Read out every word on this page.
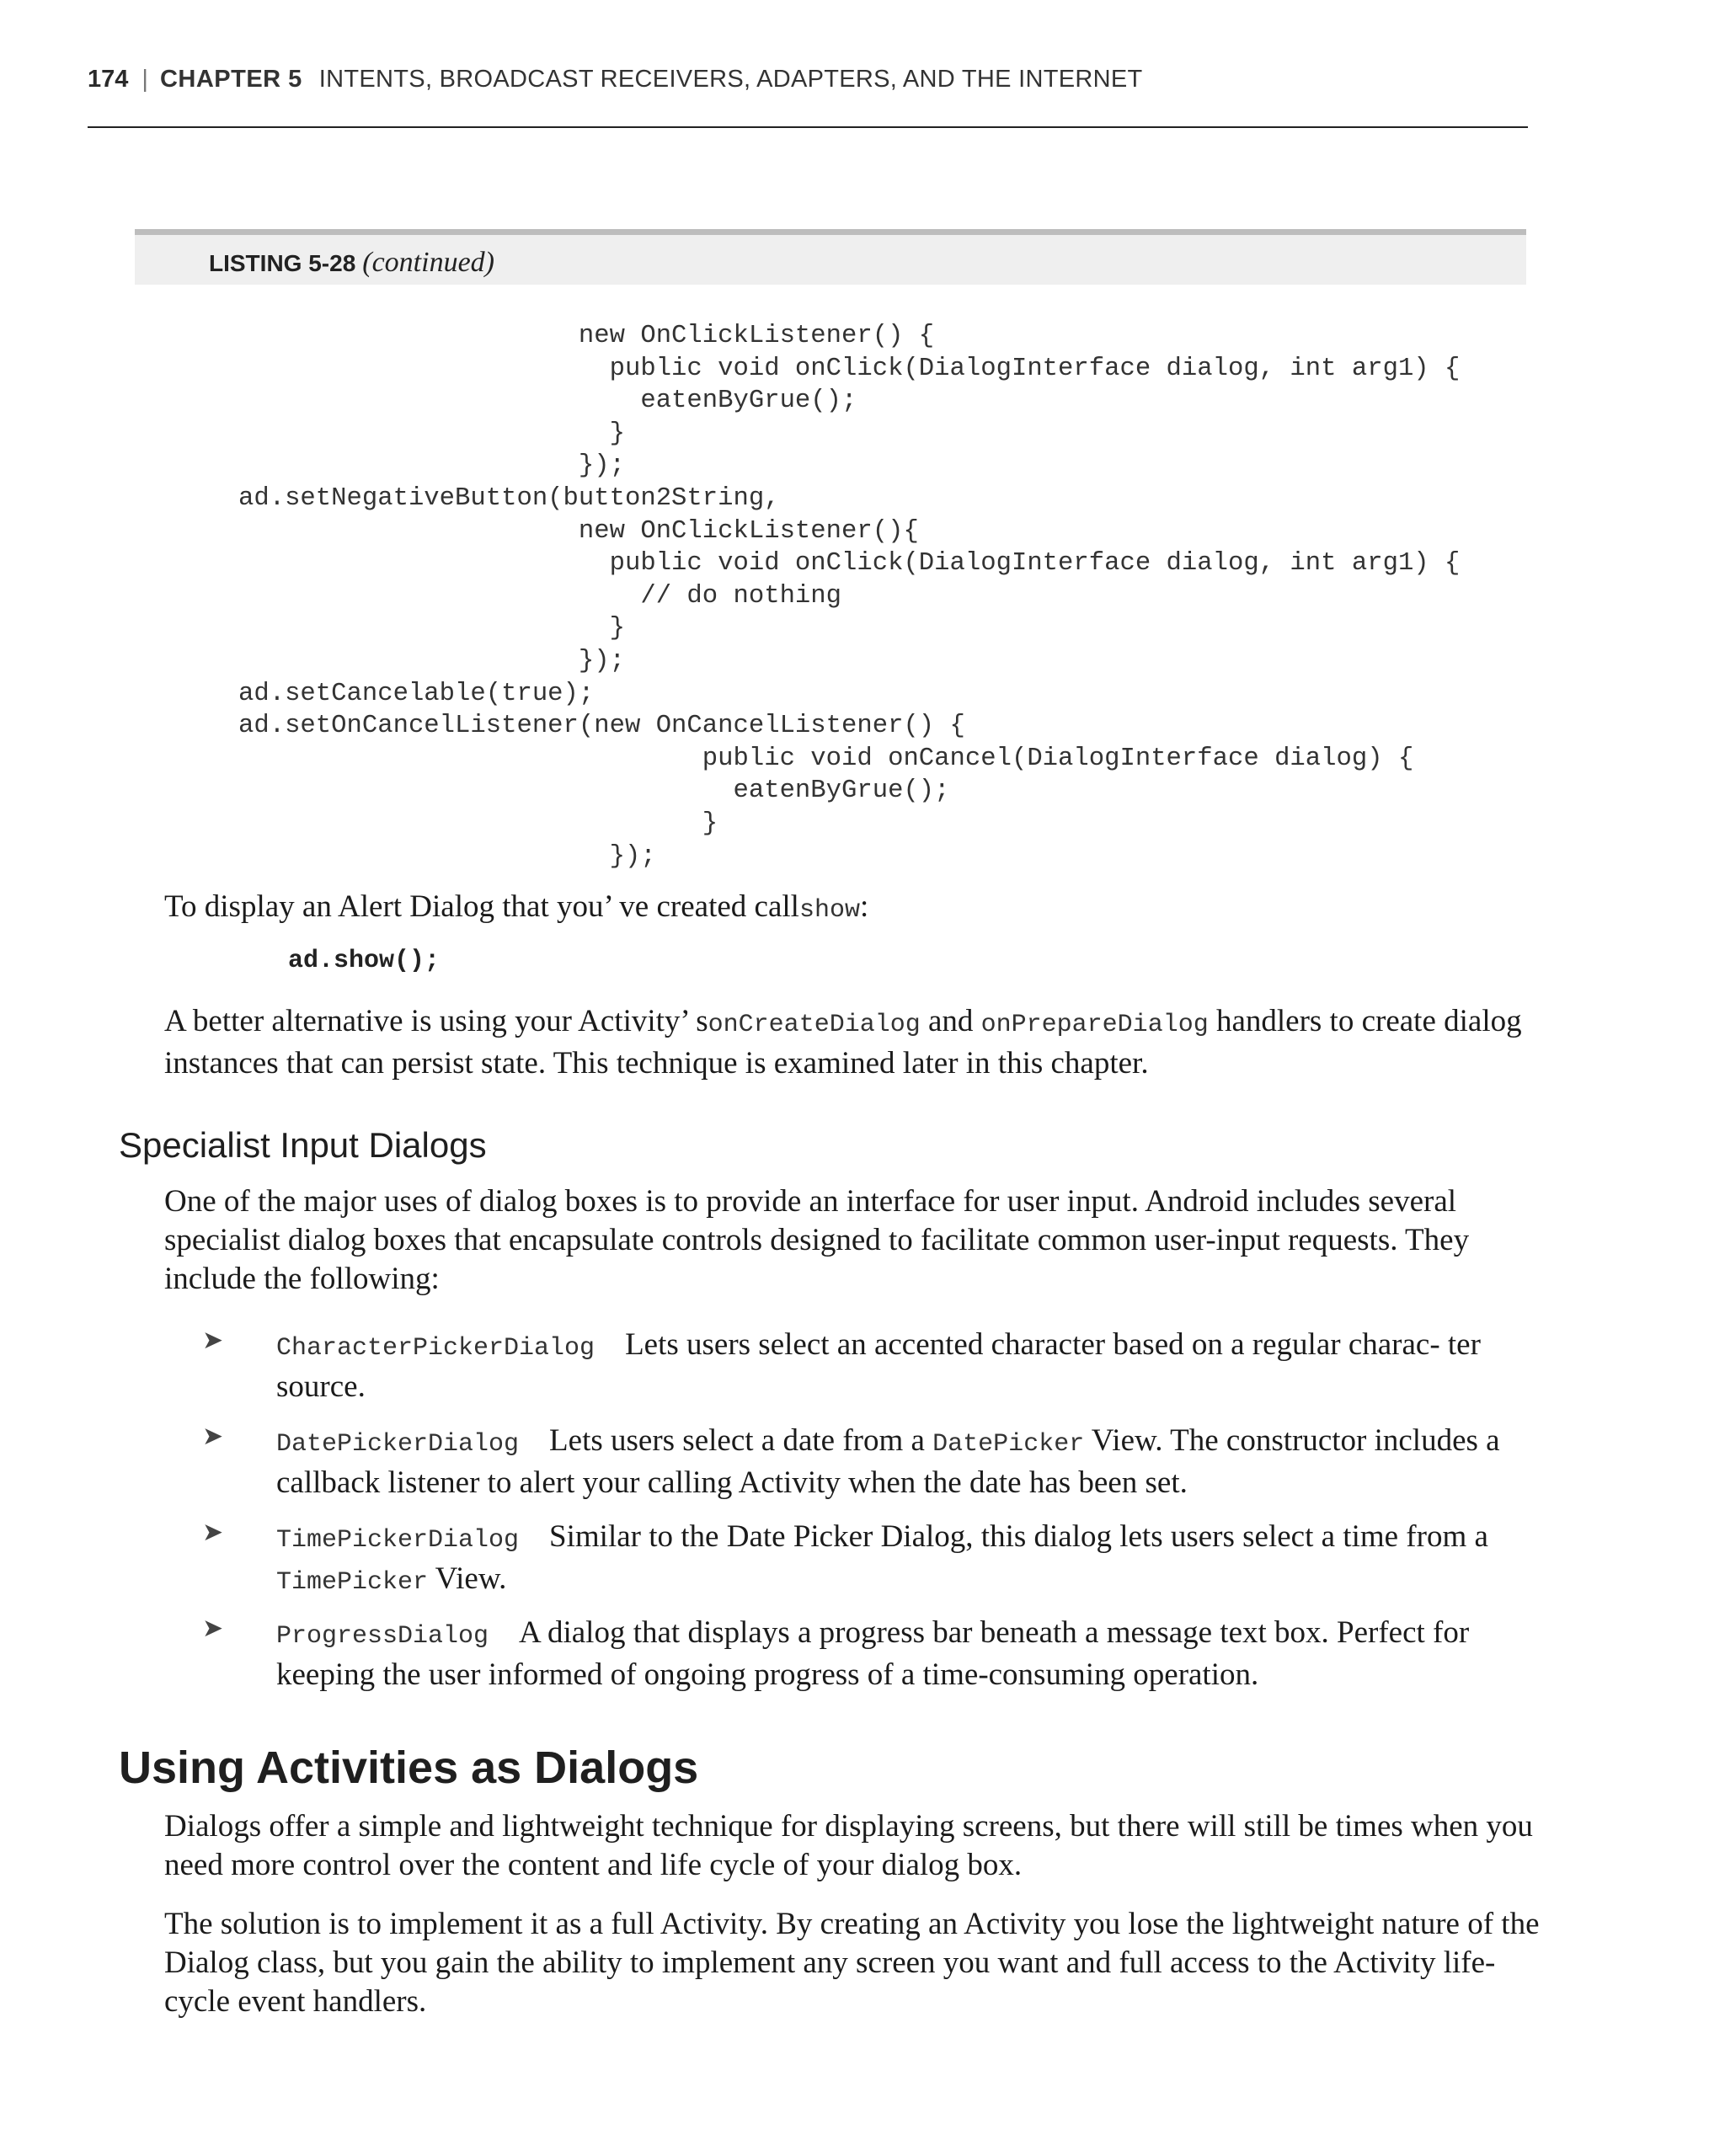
174 | CHAPTER 5 INTENTS, BROADCAST RECEIVERS, ADAPTERS, AND THE INTERNET
LISTING 5-28 (continued)
new OnClickListener() {
public void onClick(DialogInterface dialog, int arg1) {
eatenByGrue();
}
});
ad.setNegativeButton(button2String,
new OnClickListener(){
public void onClick(DialogInterface dialog, int arg1) {
// do nothing
}
});
ad.setCancelable(true);
ad.setOnCancelListener(new OnCancelListener() {
public void onCancel(DialogInterface dialog) {
eatenByGrue();
}
});

To display an Alert Dialog that you’ ve created callshow:

ad.show();

A better alternative is using your Activity’ sonCreateDialog and onPrepareDialog handlers to create dialog instances that can persist state. This technique is examined later in this chapter.

Specialist Input Dialogs

One of the major uses of dialog boxes is to provide an interface for user input. Android includes several specialist dialog boxes that encapsulate controls designed to facilitate common user-input requests. They include the following:

➤ CharacterPickerDialog Lets users select an accented character based on a regular charac- ter source.

➤ DatePickerDialog Lets users select a date from a DatePicker View. The constructor includes a callback listener to alert your calling Activity when the date has been set.

➤ TimePickerDialog Similar to the Date Picker Dialog, this dialog lets users select a time from a TimePicker View.

➤ ProgressDialog A dialog that displays a progress bar beneath a message text box. Perfect for keeping the user informed of ongoing progress of a time-consuming operation.

Using Activities as Dialogs

Dialogs offer a simple and lightweight technique for displaying screens, but there will still be times when you need more control over the content and life cycle of your dialog box.

The solution is to implement it as a full Activity. By creating an Activity you lose the lightweight nature of the Dialog class, but you gain the ability to implement any screen you want and full access to the Activity life-cycle event handlers.
